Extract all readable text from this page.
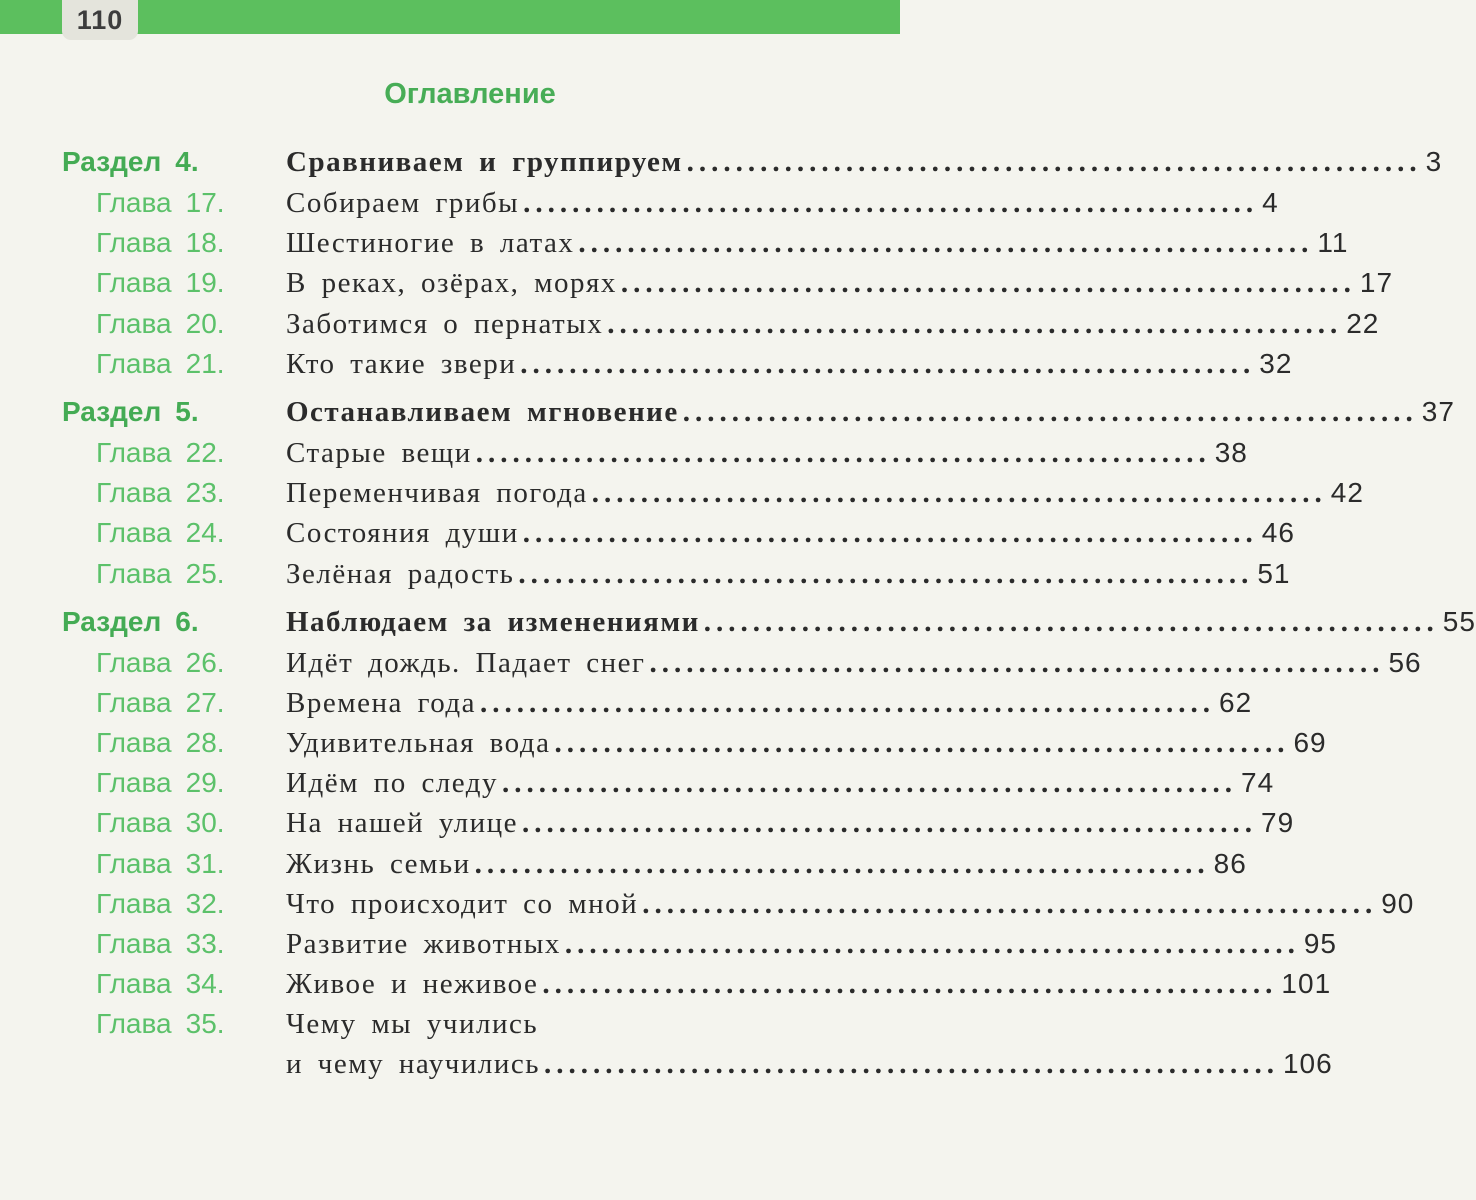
110
Оглавление
Раздел 4.	Сравниваем и группируем ............................................................ 3
Глава 17. Собираем грибы ............................................................ 4
Глава 18. Шестиногие в латах ............................................................ 11
Глава 19. В реках, озёрах, морях ............................................................ 17
Глава 20. Заботимся о пернатых ............................................................ 22
Глава 21. Кто такие звери ............................................................ 32
Раздел 5.	Останавливаем мгновение ............................................................ 37
Глава 22. Старые вещи ............................................................ 38
Глава 23. Переменчивая погода ............................................................ 42
Глава 24. Состояния души ............................................................ 46
Глава 25. Зелёная радость ............................................................ 51
Раздел 6.	Наблюдаем за изменениями ............................................................ 55
Глава 26. Идёт дождь. Падает снег ............................................................ 56
Глава 27. Времена года ............................................................ 62
Глава 28. Удивительная вода ............................................................ 69
Глава 29. Идём по следу ............................................................ 74
Глава 30. На нашей улице ............................................................ 79
Глава 31. Жизнь семьи ............................................................ 86
Глава 32. Что происходит со мной ............................................................ 90
Глава 33. Развитие животных ............................................................ 95
Глава 34. Живое и неживое ............................................................ 101
Глава 35. Чему мы учились
и чему научились ............................................................ 106
